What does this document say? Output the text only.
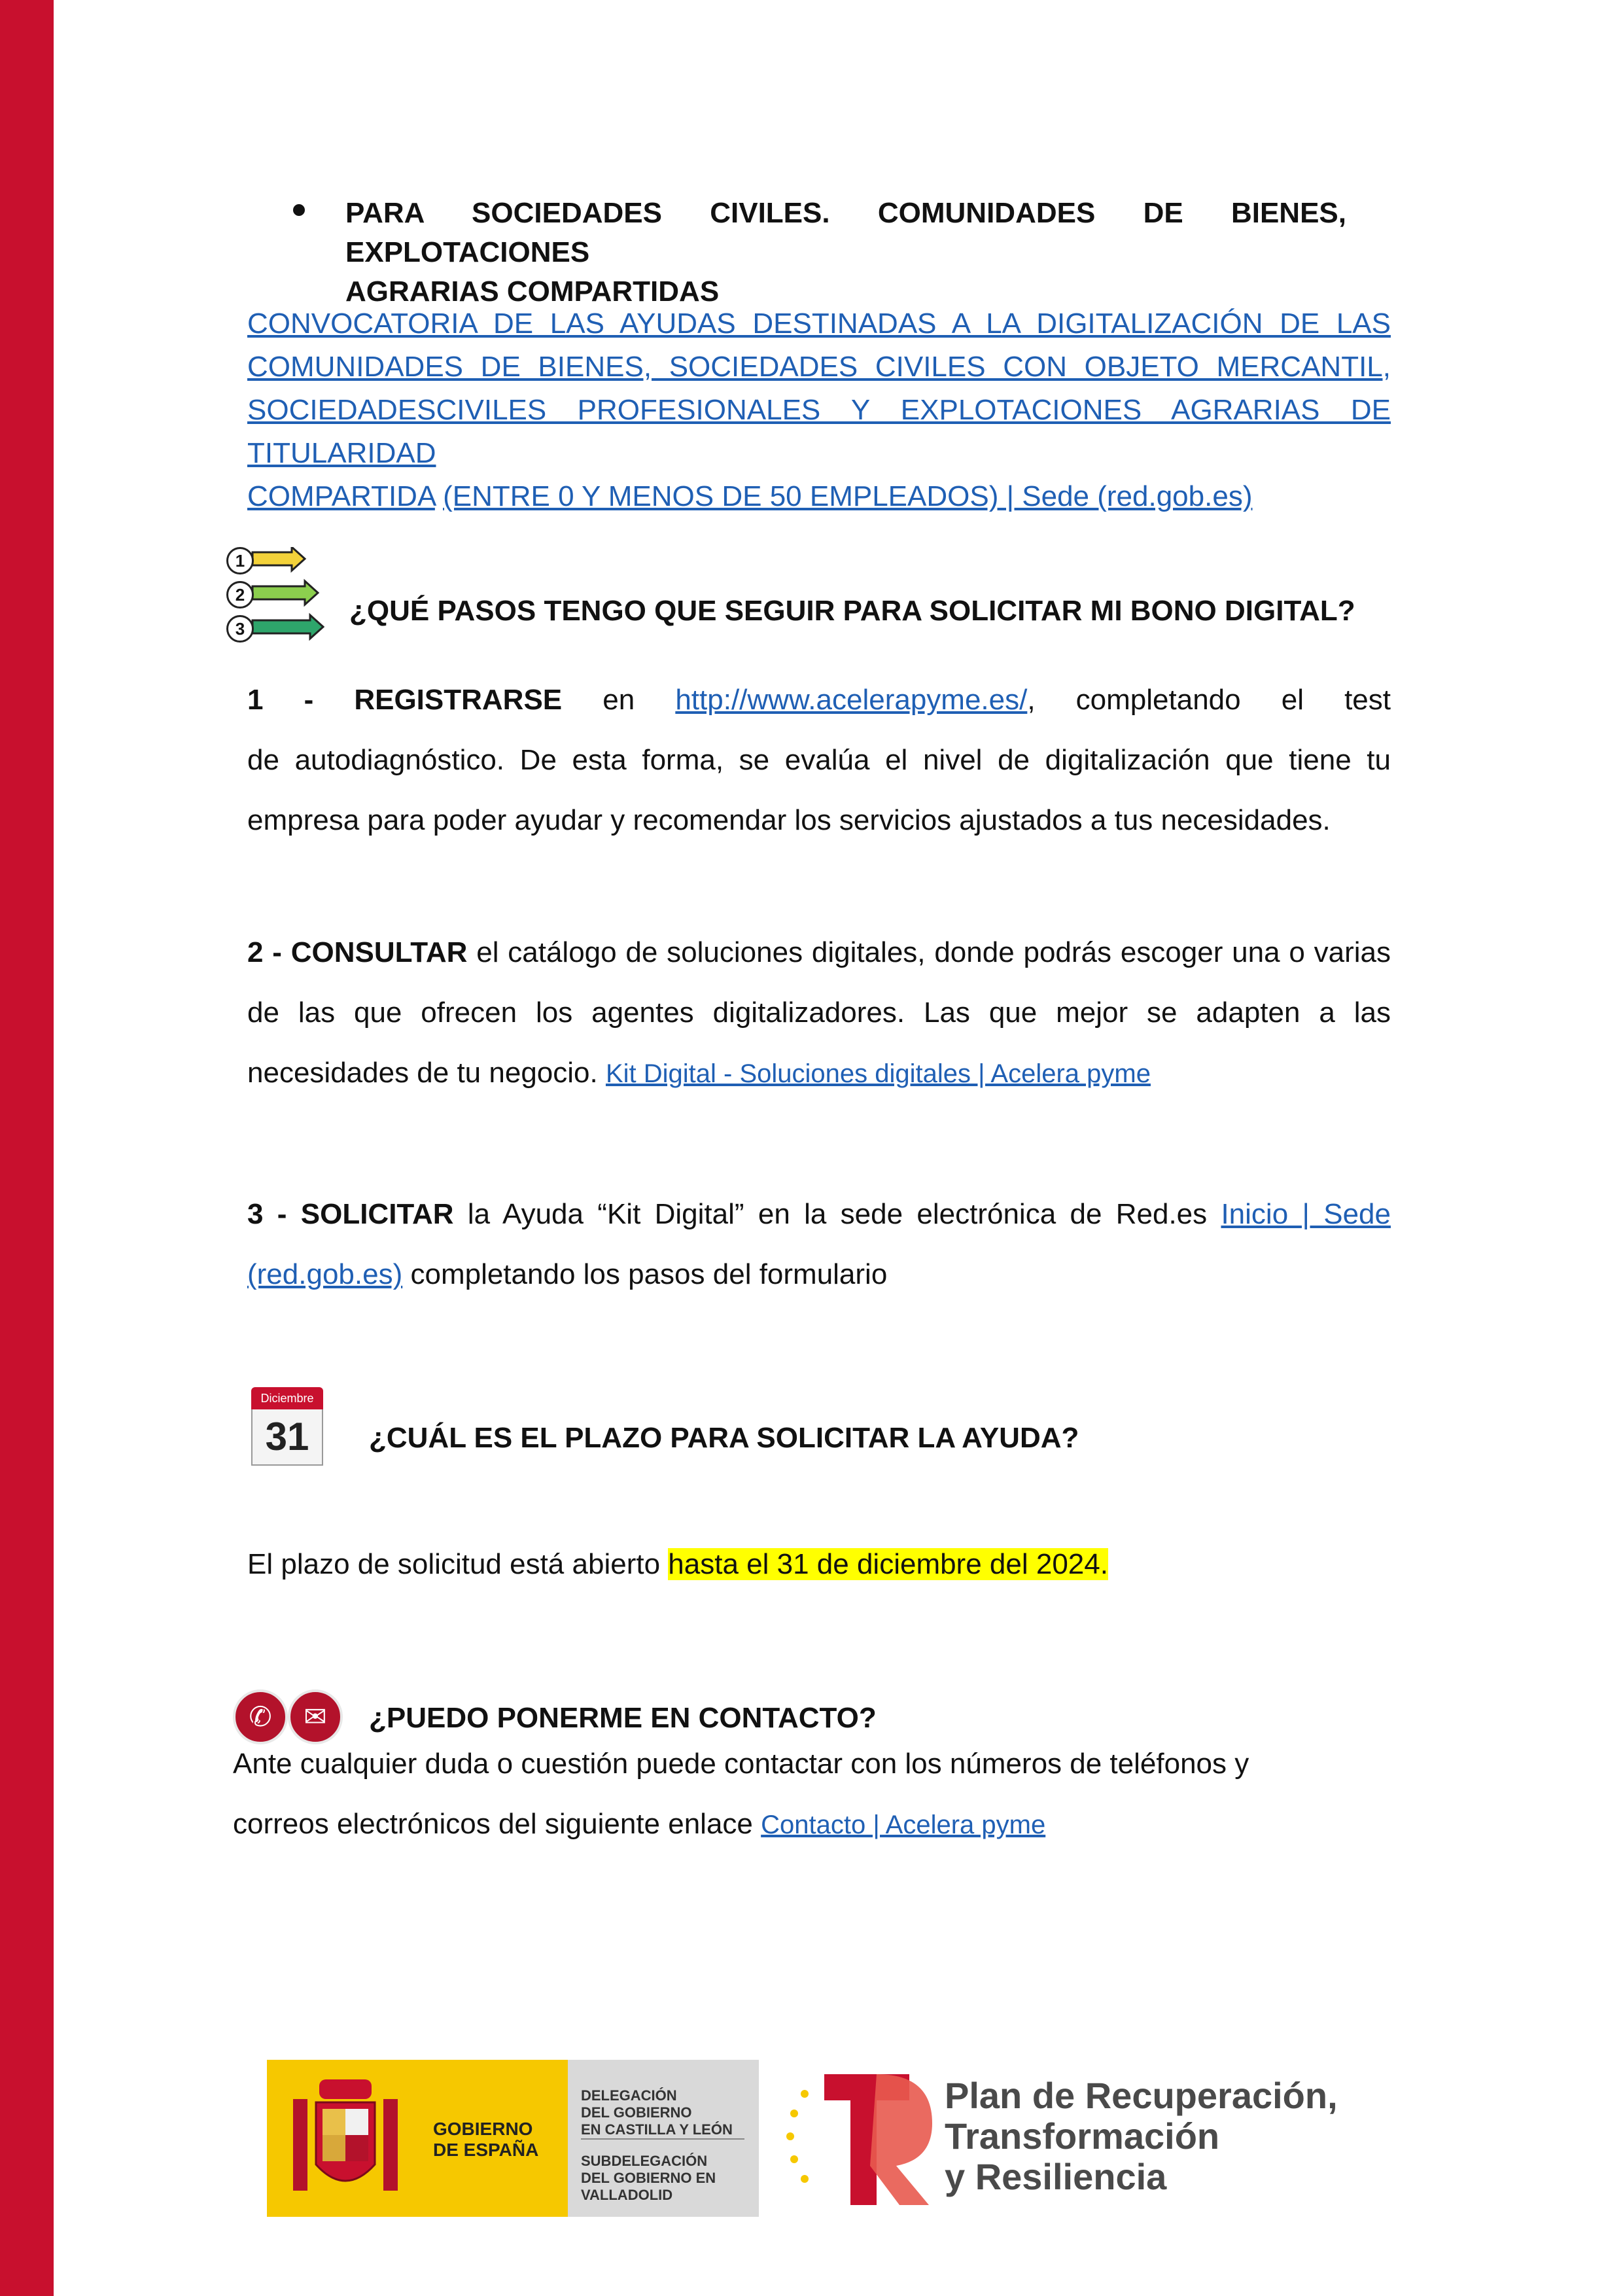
PARA SOCIEDADES CIVILES. COMUNIDADES DE BIENES, EXPLOTACIONES
AGRARIAS COMPARTIDAS
CONVOCATORIA DE LAS AYUDAS DESTINADAS A LA DIGITALIZACIÓN DE LAS
COMUNIDADES DE BIENES, SOCIEDADES CIVILES CON OBJETO MERCANTIL,
SOCIEDADESCIVILES PROFESIONALES Y EXPLOTACIONES AGRARIAS DE TITULARIDAD
COMPARTIDA (ENTRE 0 Y MENOS DE 50 EMPLEADOS) | Sede (red.gob.es)
1
2
3
¿QUÉ PASOS TENGO QUE SEGUIR PARA SOLICITAR MI BONO DIGITAL?
1 - REGISTRARSE en http://www.acelerapyme.es/, completando el test
de autodiagnóstico. De esta forma, se evalúa el nivel de digitalización que tiene tu
empresa para poder ayudar y recomendar los servicios ajustados a tus necesidades.
2 - CONSULTAR el catálogo de soluciones digitales, donde podrás escoger una o varias
de las que ofrecen los agentes digitalizadores. Las que mejor se adapten a las
necesidades de tu negocio. Kit Digital - Soluciones digitales | Acelera pyme
3 - SOLICITAR la Ayuda “Kit Digital” en la sede electrónica de Red.es Inicio | Sede
(red.gob.es) completando los pasos del formulario
Diciembre
31	¿CUÁL ES EL PLAZO PARA SOLICITAR LA AYUDA?
El plazo de solicitud está abierto hasta el 31 de diciembre del 2024.
✆	✉	¿PUEDO PONERME EN CONTACTO?
Ante cualquier duda o cuestión puede contactar con los números de teléfonos y
correos electrónicos del siguiente enlace Contacto | Acelera pyme
GOBIERNO
DE ESPAÑA
DELEGACIÓN
DEL GOBIERNO
EN CASTILLA Y LEÓN
SUBDELEGACIÓN
DEL GOBIERNO EN
VALLADOLID
Plan de Recuperación,
Transformación
y Resiliencia
